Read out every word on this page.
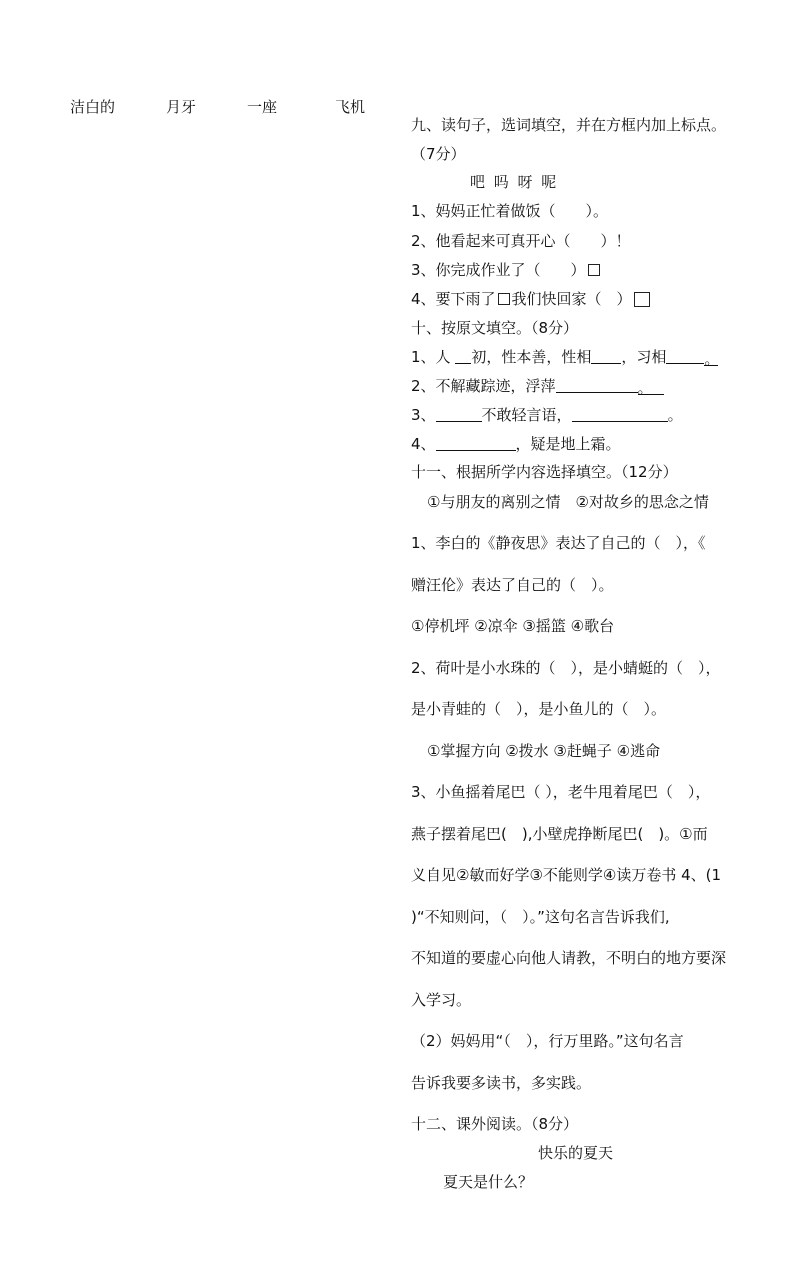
洁白的	月牙	一座	飞机
九、读句子，选词填空，并在方框内加上标点。
（7分）
吧 吗 呀 呢
1、妈妈正忙着做饭（　　）。
2、他看起来可真开心（　　）！
3、你完成作业了（　　）
4、要下雨了 我们快回家（　）
十、按原文填空。（8分）
1、人 初，性本善，性相 ，习相	。
2、不解藏踪迹，浮萍	。
3、	不敢轻言语，	。
4、	，疑是地上霜。
十一、根据所学内容选择填空。（12分）
①与朋友的离别之情　②对故乡的思念之情
1、李白的《静夜思》表达了自己的（　），《
赠汪伦》表达了自己的（　）。
①停机坪 ②凉伞 ③摇篮 ④歌台
2、荷叶是小水珠的（　），是小蜻蜓的（　），
是小青蛙的（　），是小鱼儿的（　）。
①掌握方向 ②拨水 ③赶蝇子 ④逃命
3、小鱼摇着尾巴（ ），老牛甩着尾巴（　），
燕子摆着尾巴(　),小壁虎挣断尾巴(　)。①而
义自见②敏而好学③不能则学④读万卷书 4、(1
)“不知则问，（　）。”这句名言告诉我们,
不知道的要虚心向他人请教，不明白的地方要深
入学习。
（2）妈妈用“（　），行万里路。”这句名言
告诉我要多读书，多实践。
十二、课外阅读。（8分）
快乐的夏天
夏天是什么？
